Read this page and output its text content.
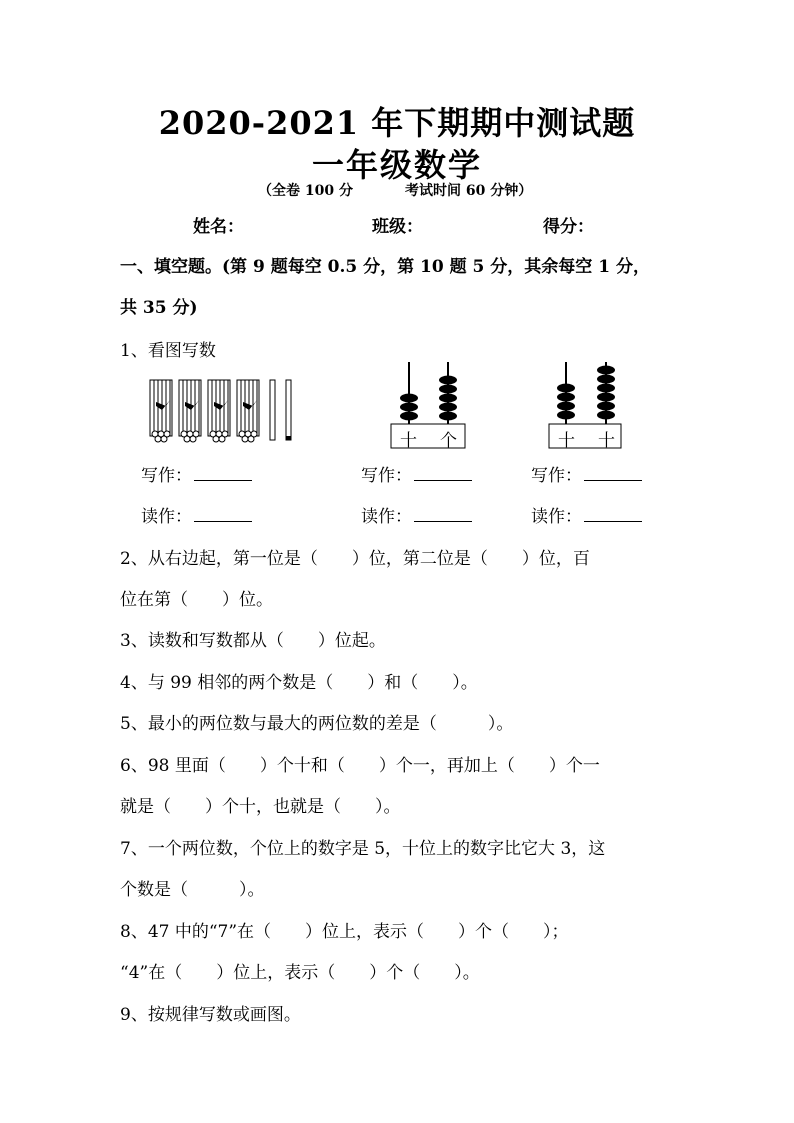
2020-2021 年下期期中测试题
一年级数学
（全卷 100 分	考试时间 60 分钟）
姓名：	班级：	得分：
一、填空题。(第 9 题每空 0.5 分，第 10 题 5 分，其余每空 1 分，
共 35 分)
1、看图写数
十 个	十 十
写作：	写作：	写作：
读作：	读作：	读作：
2、从右边起，第一位是（　　）位，第二位是（　　）位，百
位在第（　　）位。
3、读数和写数都从（　　）位起。
4、与 99 相邻的两个数是（　　）和（　　）。
5、最小的两位数与最大的两位数的差是（　　　）。
6、98 里面（　　）个十和（　　）个一，再加上（　　）个一
就是（　　）个十，也就是（　　）。
7、一个两位数，个位上的数字是 5，十位上的数字比它大 3，这
个数是（　　　）。
8、47 中的“7”在（　　）位上，表示（　　）个（　　）；
“4”在（　　）位上，表示（　　）个（　　）。
9、按规律写数或画图。
